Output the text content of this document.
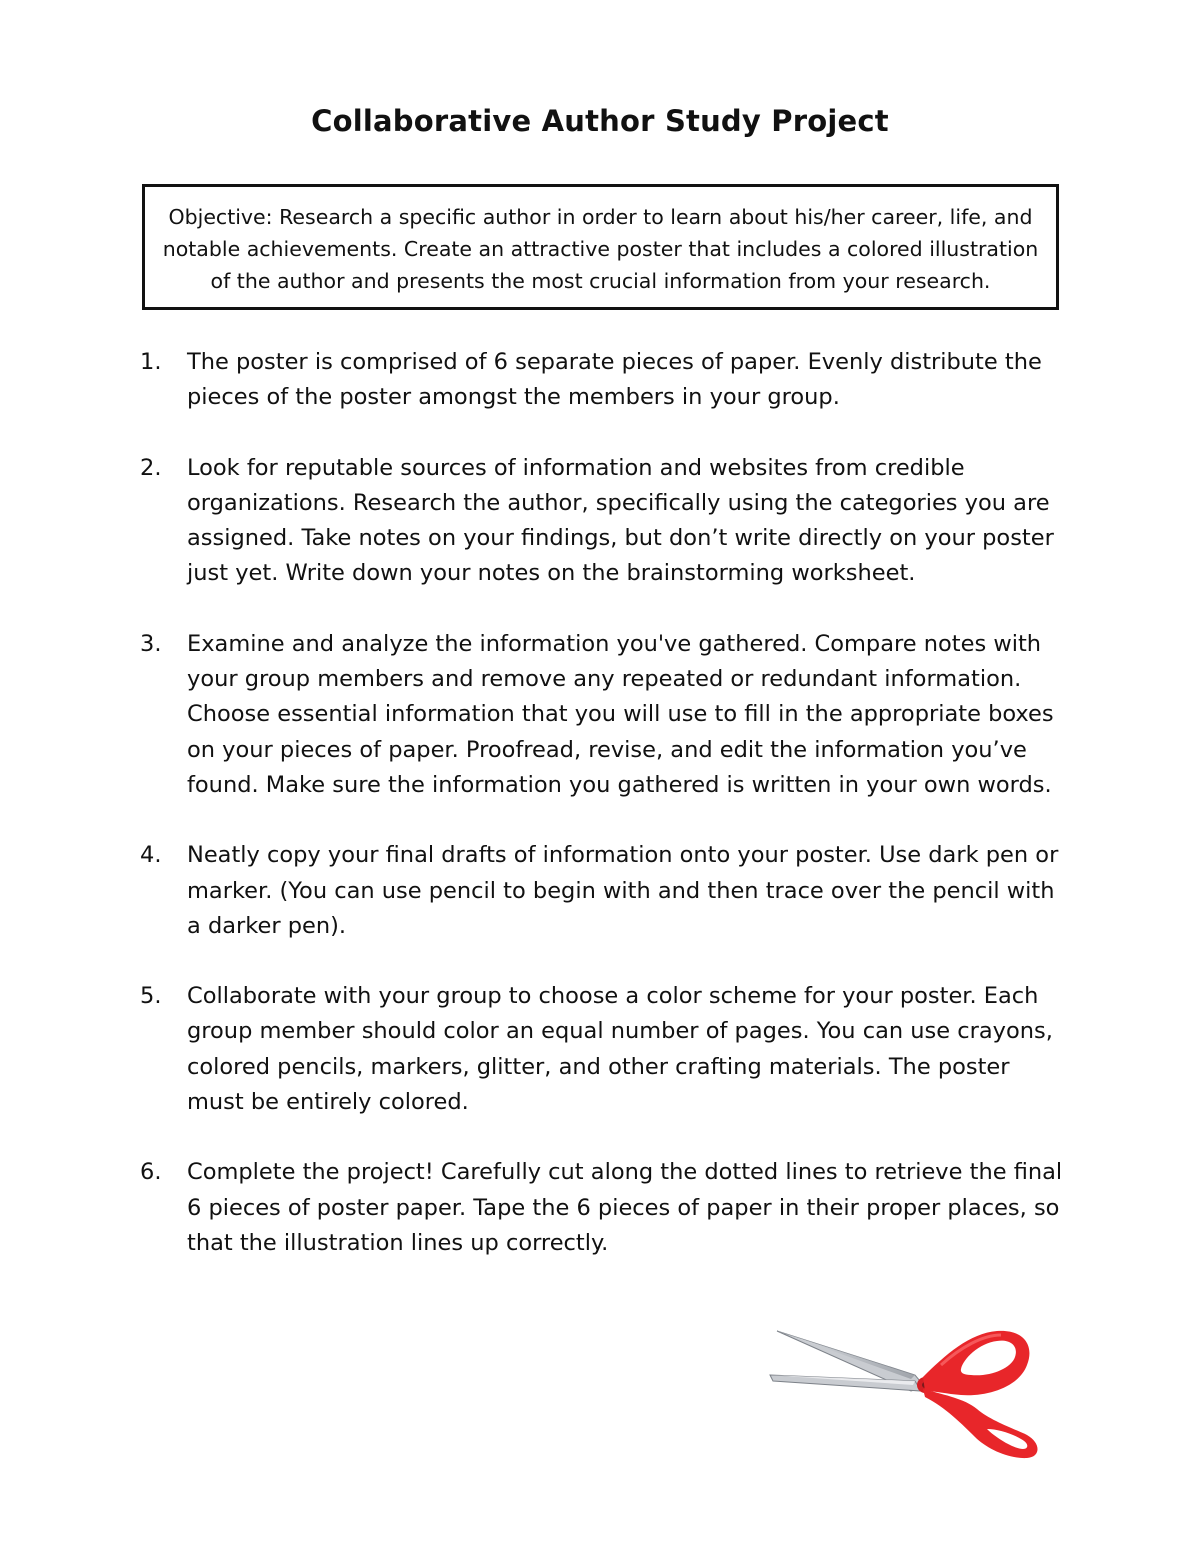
Collaborative Author Study Project

Objective: Research a specific author in order to learn about his/her career, life, and notable achievements. Create an attractive poster that includes a colored illustration of the author and presents the most crucial information from your research.

1. The poster is comprised of 6 separate pieces of paper. Evenly distribute the pieces of the poster amongst the members in your group.
2. Look for reputable sources of information and websites from credible organizations. Research the author, specifically using the categories you are assigned. Take notes on your findings, but don’t write directly on your poster just yet. Write down your notes on the brainstorming worksheet.
3. Examine and analyze the information you've gathered. Compare notes with your group members and remove any repeated or redundant information. Choose essential information that you will use to fill in the appropriate boxes on your pieces of paper. Proofread, revise, and edit the information you’ve found. Make sure the information you gathered is written in your own words.
4. Neatly copy your final drafts of information onto your poster. Use dark pen or marker. (You can use pencil to begin with and then trace over the pencil with a darker pen).
5. Collaborate with your group to choose a color scheme for your poster. Each group member should color an equal number of pages. You can use crayons, colored pencils, markers, glitter, and other crafting materials. The poster must be entirely colored.
6. Complete the project! Carefully cut along the dotted lines to retrieve the final 6 pieces of poster paper. Tape the 6 pieces of paper in their proper places, so that the illustration lines up correctly.
